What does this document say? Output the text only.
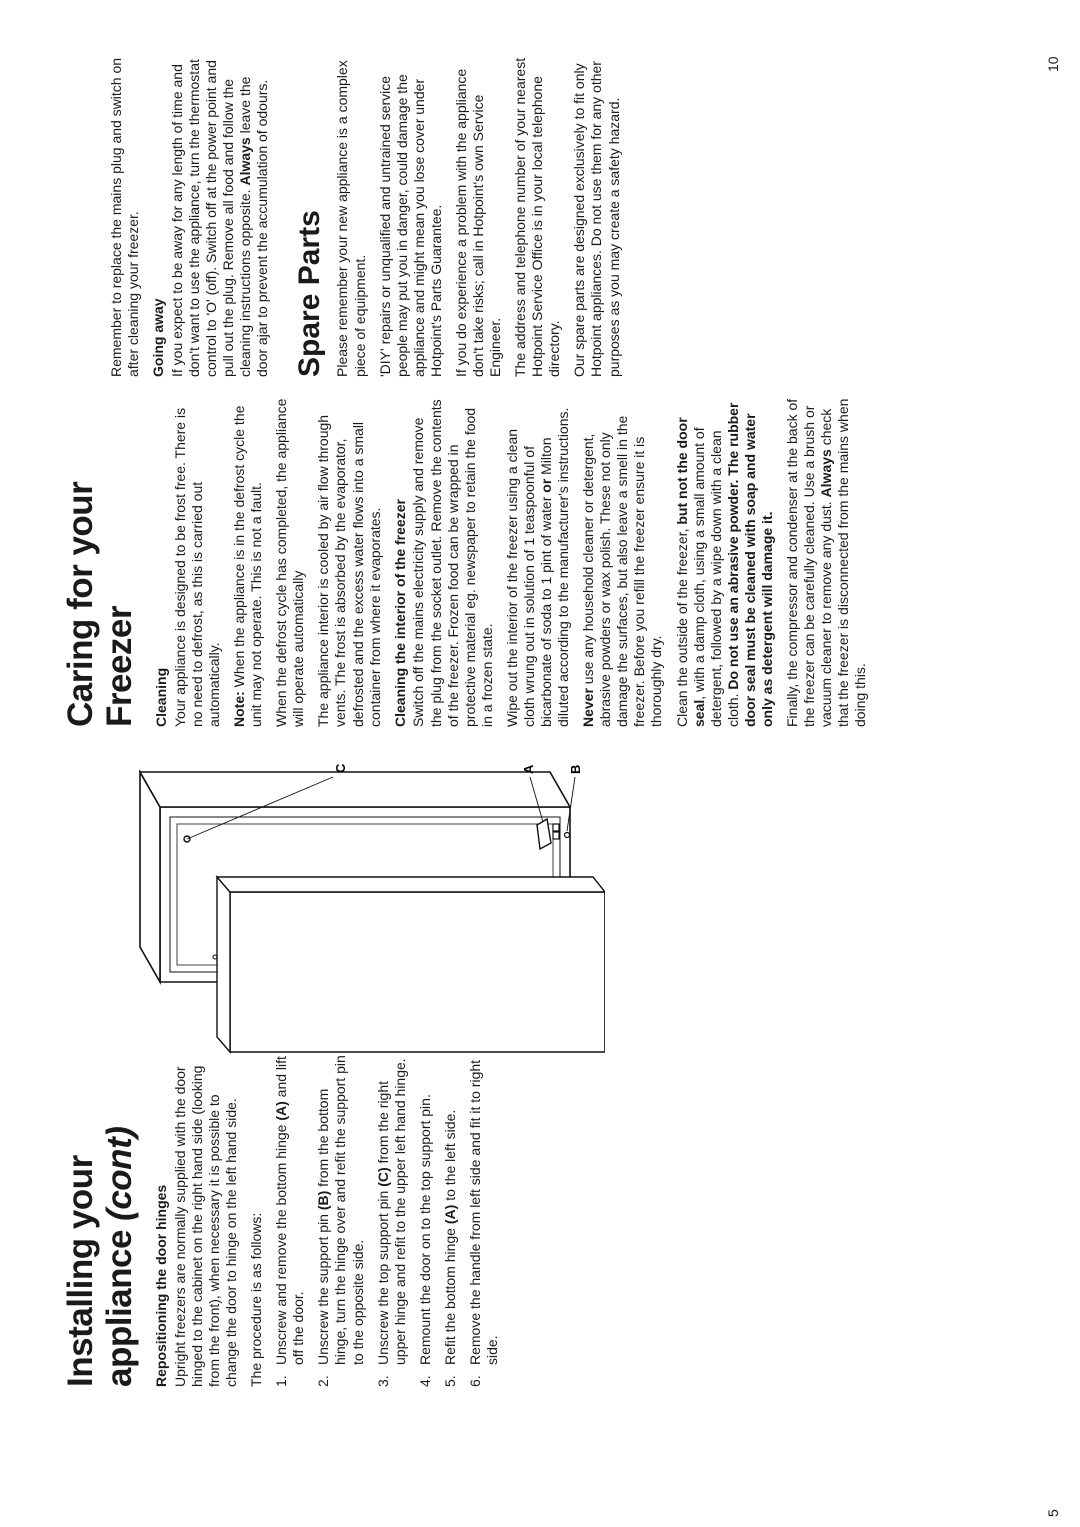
Installing your appliance (cont)
Repositioning the door hinges Upright freezers are normally supplied with the door hinged to the cabinet on the right hand side (looking from the front), when necessary it is possible to change the door to hinge on the left hand side. The procedure is as follows: 1.
Unscrew and remove the bottom hinge (A) and lift off the door.
2.
Unscrew the support pin (B) from the bottom hinge, turn the hinge over and refit the support pin to the opposite side.
3.
Unscrew the top support pin (C) from the right upper hinge and refit to the upper left hand hinge.
4.
Remount the door on to the top support pin.
5.
Refit the bottom hinge (A) to the left side.
6.
Remove the handle from left side and fit it to right side.
C	A B
Caring for your Freezer Cleaning Your appliance is designed to be frost free. There is no need to defrost, as this is carried out automatically. Note: When the appliance is in the defrost cycle the unit may not operate. This is not a fault. When the defrost cycle has completed, the appliance will operate automatically The appliance interior is cooled by air flow through vents. The frost is absorbed by the evaporator, defrosted and the excess water flows into a small container from where it evaporates. Cleaning the interior of the freezer Switch off the mains electricity supply and remove the plug from the socket outlet. Remove the contents of the freezer. Frozen food can be wrapped in protective material eg. newspaper to retain the food in a frozen state. Wipe out the interior of the freezer using a clean cloth wrung out in solution of 1 teaspoonful of bicarbonate of soda to 1 pint of water or Milton diluted according to the manufacturer's instructions. Never use any household cleaner or detergent, abrasive powders or wax polish. These not only damage the surfaces, but also leave a smell in the freezer. Before you refill the freezer ensure it is thoroughly dry. Clean the outside of the freezer, but not the door seal, with a damp cloth, using a small amount of detergent, followed by a wipe down with a clean cloth. Do not use an abrasive powder. The rubber door seal must be cleaned with soap and water only as detergent will damage it. Finally, the compressor and condenser at the back of the freezer can be carefully cleaned. Use a brush or vacuum cleaner to remove any dust. Always check that the freezer is disconnected from the mains when doing this.

Remember to replace the mains plug and switch on after cleaning your freezer. Going away If you expect to be away for any length of time and don't want to use the appliance, turn the thermostat control to 'O' (off). Switch off at the power point and pull out the plug. Remove all food and follow the cleaning instructions opposite. Always leave the door ajar to prevent the accumulation of odours. Spare Parts Please remember your new appliance is a complex piece of equipment. 'DIY' repairs or unqualified and untrained service people may put you in danger, could damage the appliance and might mean you lose cover under Hotpoint's Parts Guarantee. If you do experience a problem with the appliance don't take risks; call in Hotpoint's own Service Engineer. The address and telephone number of your nearest Hotpoint Service Office is in your local telephone directory. Our spare parts are designed exclusively to fit only Hotpoint appliances. Do not use them for any other purposes as you may create a safety hazard.

5
10
